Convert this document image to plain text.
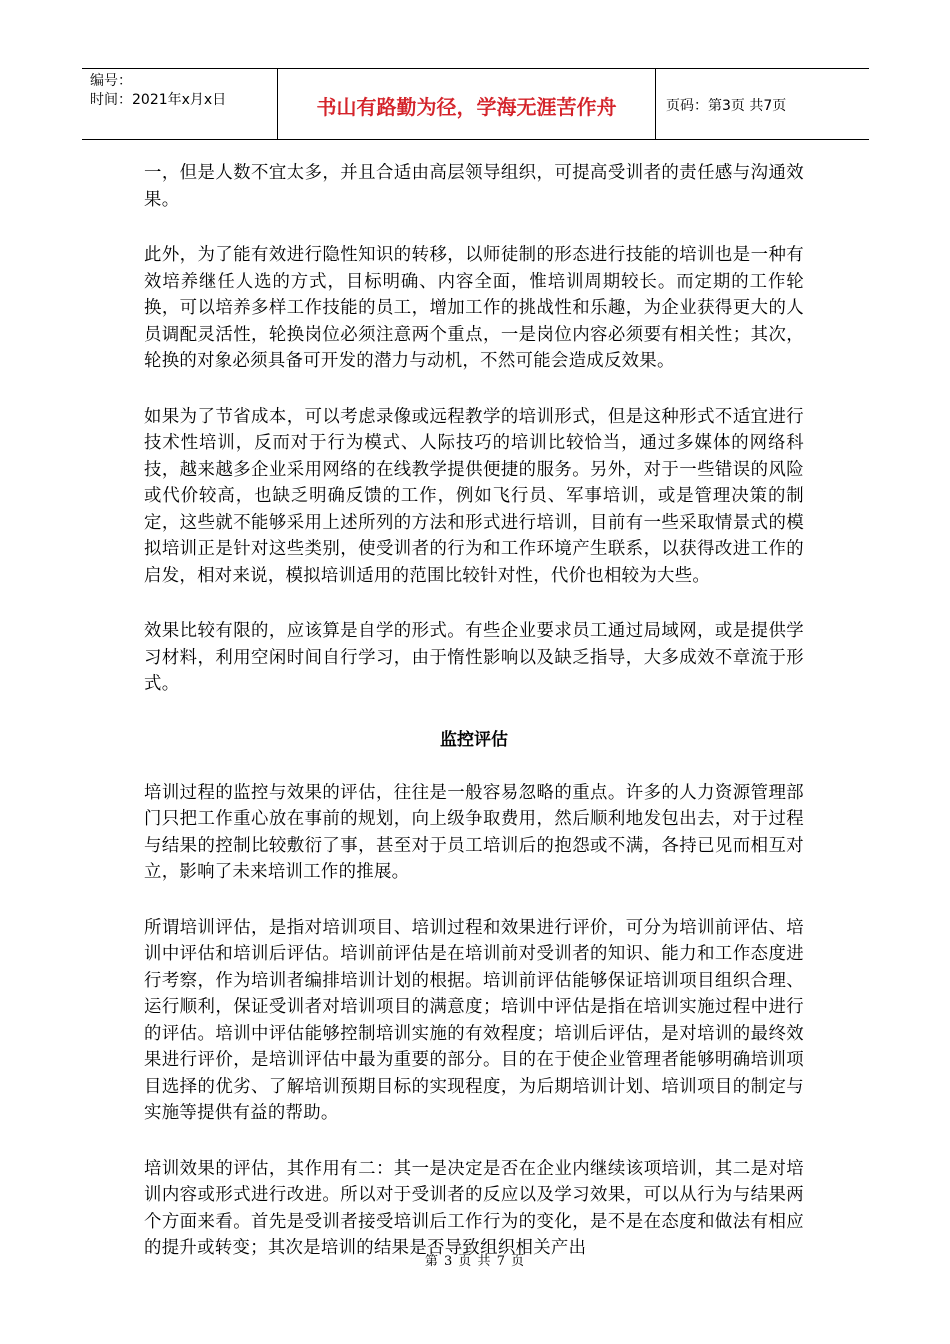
编号：
时间：2021年x月x日	书山有路勤为径，学海无涯苦作舟	页码：第3页 共7页

一，但是人数不宜太多，并且合适由高层领导组织，可提高受训者的责任感与沟通效果。

此外，为了能有效进行隐性知识的转移，以师徒制的形态进行技能的培训也是一种有效培养继任人选的方式，目标明确、内容全面，惟培训周期较长。而定期的工作轮换，可以培养多样工作技能的员工，增加工作的挑战性和乐趣，为企业获得更大的人员调配灵活性，轮换岗位必须注意两个重点，一是岗位内容必须要有相关性；其次，轮换的对象必须具备可开发的潜力与动机，不然可能会造成反效果。

如果为了节省成本，可以考虑录像或远程教学的培训形式，但是这种形式不适宜进行技术性培训，反而对于行为模式、人际技巧的培训比较恰当，通过多媒体的网络科技，越来越多企业采用网络的在线教学提供便捷的服务。另外，对于一些错误的风险或代价较高，也缺乏明确反馈的工作，例如飞行员、军事培训，或是管理决策的制定，这些就不能够采用上述所列的方法和形式进行培训，目前有一些采取情景式的模拟培训正是针对这些类别，使受训者的行为和工作环境产生联系，以获得改进工作的启发，相对来说，模拟培训适用的范围比较针对性，代价也相较为大些。

效果比较有限的，应该算是自学的形式。有些企业要求员工通过局域网，或是提供学习材料，利用空闲时间自行学习，由于惰性影响以及缺乏指导，大多成效不章流于形式。

监控评估

培训过程的监控与效果的评估，往往是一般容易忽略的重点。许多的人力资源管理部门只把工作重心放在事前的规划，向上级争取费用，然后顺利地发包出去，对于过程与结果的控制比较敷衍了事，甚至对于员工培训后的抱怨或不满，各持已见而相互对立，影响了未来培训工作的推展。

所谓培训评估，是指对培训项目、培训过程和效果进行评价，可分为培训前评估、培训中评估和培训后评估。培训前评估是在培训前对受训者的知识、能力和工作态度进行考察，作为培训者编排培训计划的根据。培训前评估能够保证培训项目组织合理、运行顺利，保证受训者对培训项目的满意度；培训中评估是指在培训实施过程中进行的评估。培训中评估能够控制培训实施的有效程度；培训后评估，是对培训的最终效果进行评价，是培训评估中最为重要的部分。目的在于使企业管理者能够明确培训项目选择的优劣、了解培训预期目标的实现程度，为后期培训计划、培训项目的制定与实施等提供有益的帮助。

培训效果的评估，其作用有二：其一是决定是否在企业内继续该项培训，其二是对培训内容或形式进行改进。所以对于受训者的反应以及学习效果，可以从行为与结果两个方面来看。首先是受训者接受培训后工作行为的变化，是不是在态度和做法有相应的提升或转变；其次是培训的结果是否导致组织相关产出

第 3 页 共 7 页
